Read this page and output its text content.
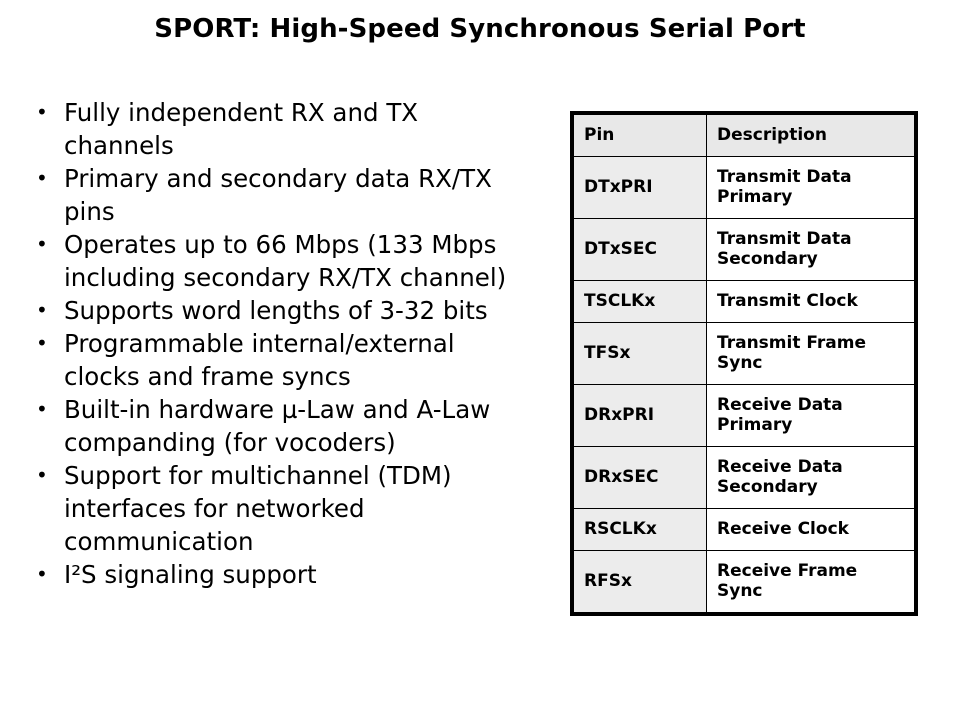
SPORT: High-Speed Synchronous Serial Port
• Fully independent RX and TX channels
• Primary and secondary data RX/TX pins
• Operates up to 66 Mbps (133 Mbps including secondary RX/TX channel)
• Supports word lengths of 3-32 bits
• Programmable internal/external clocks and frame syncs
• Built-in hardware µ-Law and A-Law companding (for vocoders)
• Support for multichannel (TDM) interfaces for networked communication
• I²S signaling support
Pin	Description
DTxPRI	Transmit Data Primary
DTxSEC	Transmit Data Secondary
TSCLKx	Transmit Clock
TFSx	Transmit Frame Sync
DRxPRI	Receive Data Primary
DRxSEC	Receive Data Secondary
RSCLKx	Receive Clock
RFSx	Receive Frame Sync
